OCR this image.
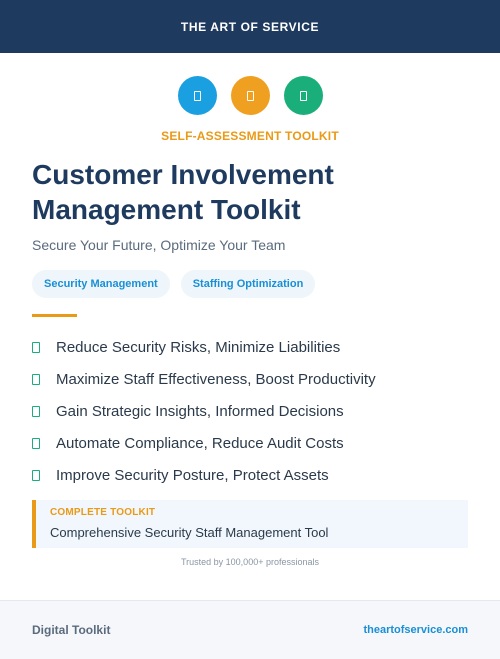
THE ART OF SERVICE
SELF-ASSESSMENT TOOLKIT
Customer Involvement
Management Toolkit
Secure Your Future, Optimize Your Team
Security Management	Staffing Optimization
Reduce Security Risks, Minimize Liabilities
Maximize Staff Effectiveness, Boost Productivity
Gain Strategic Insights, Informed Decisions
Automate Compliance, Reduce Audit Costs
Improve Security Posture, Protect Assets
COMPLETE TOOLKIT
Comprehensive Security Staff Management Tool
Trusted by 100,000+ professionals
Digital Toolkit	theartofservice.com
